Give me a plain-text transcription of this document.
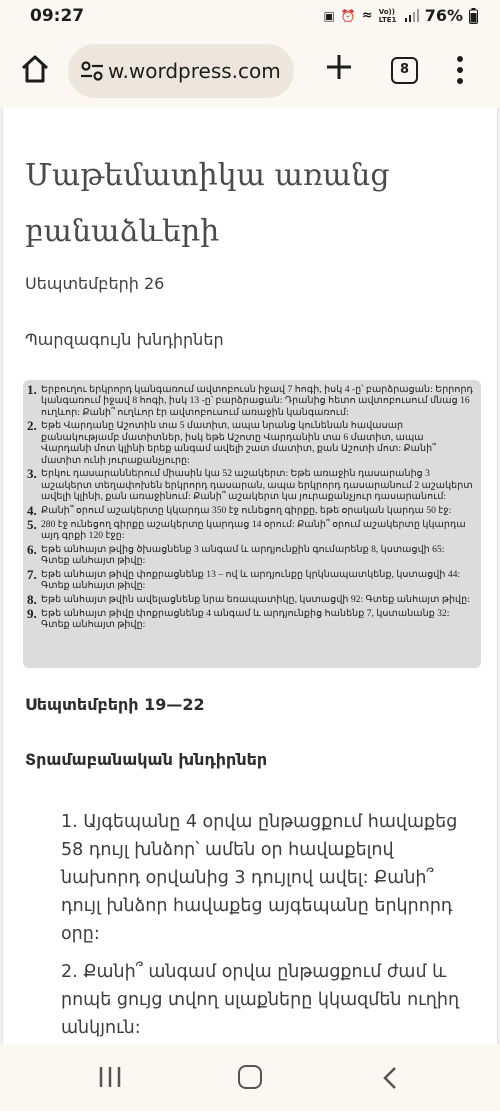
09:27	▣ ⏰ ≈ Vo)) LTE1 76%
w.wordpress.com	8
Մաթեմատիկա առանց
բանաձևերի
Սեպտեմբերի 26
Պարզագույն խնդիրներ
1. Երբուղու երկրորդ կանգառում ավտոբուսն իջավ 7 հոգի, իսկ 4 -ը՝ բարձրացան: Երրորդ կանգառում իջավ 8 հոգի, իսկ 13 -ը՝ բարձրացան: Դրանից հետո ավտոբուսում մնաց 16 ուղևոր: Քանի՞ ուղևոր էր ավտոբուսում առաջին կանգառում:
2. Եթե Վարդանը Աշոտին տա 5 մատիտ, ապա նրանց կունենան հավասար քանակությամբ մատիտներ, իսկ եթե Աշոտը Վարդանին տա 6 մատիտ, ապա Վարդանի մոտ կլինի երեք անգամ ավելի շատ մատիտ, քան Աշոտի մոտ: Քանի՞ մատիտ ունի յուրաքանչյուրը:
3. Երկու դասարաններում միասին կա 52 աշակերտ: Եթե առաջին դասարանից 3 աշակերտ տեղափոխեն երկրորդ դասարան, ապա երկրորդ դասարանում 2 աշակերտ ավելի կլինի, քան առաջինում: Քանի՞ աշակերտ կա յուրաքանչյուր դասարանում:
4. Քանի՞ օրում աշակերտը կկարդա 350 էջ ունեցող գիրքը, եթե օրական կարդա 50 էջ:
5. 280 էջ ունեցող գիրքը աշակերտը կարդաց 14 օրում: Քանի՞ օրում աշակերտը կկարդա այդ գրքի 120 էջը:
6. Եթե անհայտ թվից ծխացնենք 3 անգամ և արդյունքին գումարենք 8, կստացվի 65: Գտեք անհայտ թիվը:
7. Եթե անհայտ թիվը փոքրացնենք 13 – ով և արդյունքը կրկնապատկենք, կստացվի 44: Գտեք անհայտ թիվը:
8. Եթե անհայտ թվին ավելացնենք նրա եռապատիկը, կստացվի 92: Գտեք անհայտ թիվը:
9. Եթե անհայտ թիվը փոքրացնենք 4 անգամ և արդյունքից հանենք 7, կստանանք 32: Գտեք անհայտ թիվը:
Սեպտեմբերի 19—22
Տրամաբանական խնդիրներ

1. Այգեպանը 4 օրվա ընթացքում հավաքեց 58 դույլ խնձոր՝ ամեն օր հավաքելով նախորդ օրվանից 3 դույլով ավել: Քանի՞ դույլ խնձոր հավաքեց այգեպանը երկրորդ օրը:

2. Քանի՞ անգամ օրվա ընթացքում ժամ և րոպե ցույց տվող սլաքները կկազմեն ուղիղ անկյուն:
